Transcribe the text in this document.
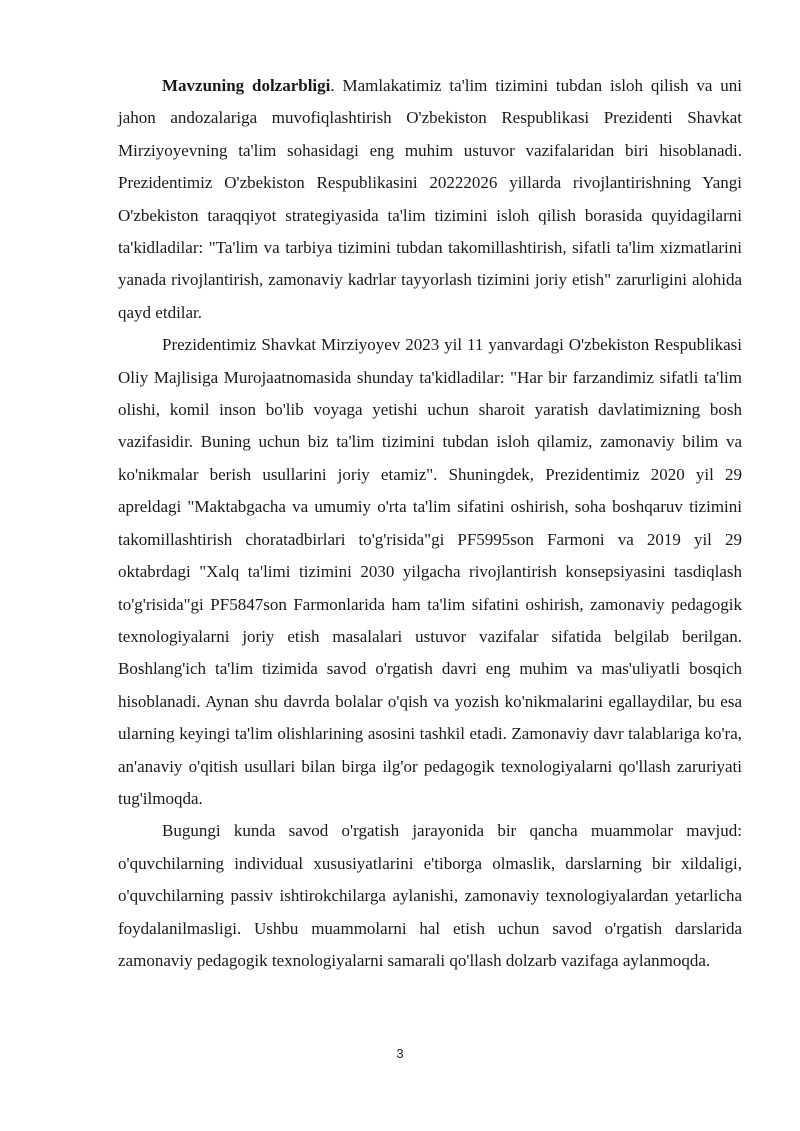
Mavzuning dolzarbligi. Mamlakatimiz ta'lim tizimini tubdan isloh qilish va uni jahon andozalariga muvofiqlashtirish O'zbekiston Respublikasi Prezidenti Shavkat Mirziyoyevning ta'lim sohasidagi eng muhim ustuvor vazifalaridan biri hisoblanadi. Prezidentimiz O'zbekiston Respublikasini 20222026 yillarda rivojlantirishning Yangi O'zbekiston taraqqiyot strategiyasida ta'lim tizimini isloh qilish borasida quyidagilarni ta'kidladilar: "Ta'lim va tarbiya tizimini tubdan takomillashtirish, sifatli ta'lim xizmatlarini yanada rivojlantirish, zamonaviy kadrlar tayyorlash tizimini joriy etish" zarurligini alohida qayd etdilar.

Prezidentimiz Shavkat Mirziyoyev 2023 yil 11 yanvardagi O'zbekiston Respublikasi Oliy Majlisiga Murojaatnomasida shunday ta'kidladilar: "Har bir farzandimiz sifatli ta'lim olishi, komil inson bo'lib voyaga yetishi uchun sharoit yaratish davlatimizning bosh vazifasidir. Buning uchun biz ta'lim tizimini tubdan isloh qilamiz, zamonaviy bilim va ko'nikmalar berish usullarini joriy etamiz". Shuningdek, Prezidentimiz 2020 yil 29 apreldagi "Maktabgacha va umumiy o'rta ta'lim sifatini oshirish, soha boshqaruv tizimini takomillashtirish choratadbirlari to'g'risida"gi PF5995son Farmoni va 2019 yil 29 oktabrdagi "Xalq ta'limi tizimini 2030 yilgacha rivojlantirish konsepsiyasini tasdiqlash to'g'risida"gi PF5847son Farmonlarida ham ta'lim sifatini oshirish, zamonaviy pedagogik texnologiyalarni joriy etish masalalari ustuvor vazifalar sifatida belgilab berilgan. Boshlang'ich ta'lim tizimida savod o'rgatish davri eng muhim va mas'uliyatli bosqich hisoblanadi. Aynan shu davrda bolalar o'qish va yozish ko'nikmalarini egallaydilar, bu esa ularning keyingi ta'lim olishlarining asosini tashkil etadi. Zamonaviy davr talablariga ko'ra, an'anaviy o'qitish usullari bilan birga ilg'or pedagogik texnologiyalarni qo'llash zaruriyati tug'ilmoqda.

Bugungi kunda savod o'rgatish jarayonida bir qancha muammolar mavjud: o'quvchilarning individual xususiyatlarini e'tiborga olmaslik, darslarning bir xildaligi, o'quvchilarning passiv ishtirokchilarga aylanishi, zamonaviy texnologiyalardan yetarlicha foydalanilmasligi. Ushbu muammolarni hal etish uchun savod o'rgatish darslarida zamonaviy pedagogik texnologiyalarni samarali qo'llash dolzarb vazifaga aylanmoqda.

3
